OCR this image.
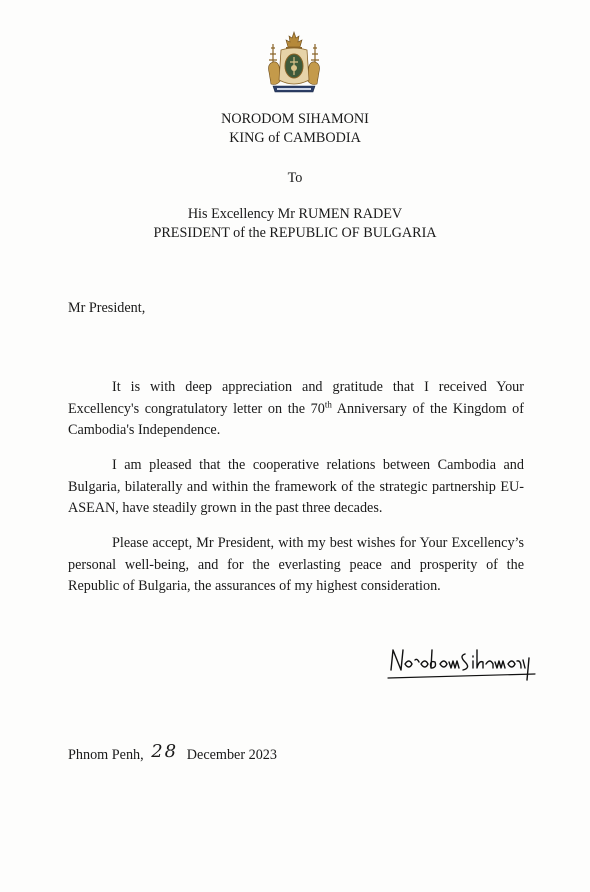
NORODOM SIHAMONI
KING of CAMBODIA
To
His Excellency Mr RUMEN RADEV
PRESIDENT of the REPUBLIC OF BULGARIA
Mr President,
It is with deep appreciation and gratitude that I received Your Excellency's congratulatory letter on the 70th Anniversary of the Kingdom of Cambodia's Independence.
I am pleased that the cooperative relations between Cambodia and Bulgaria, bilaterally and within the framework of the strategic partnership EU-ASEAN, have steadily grown in the past three decades.
Please accept, Mr President, with my best wishes for Your Excellency’s personal well-being, and for the everlasting peace and prosperity of the Republic of Bulgaria, the assurances of my highest consideration.
Phnom Penh, 28 December 2023
